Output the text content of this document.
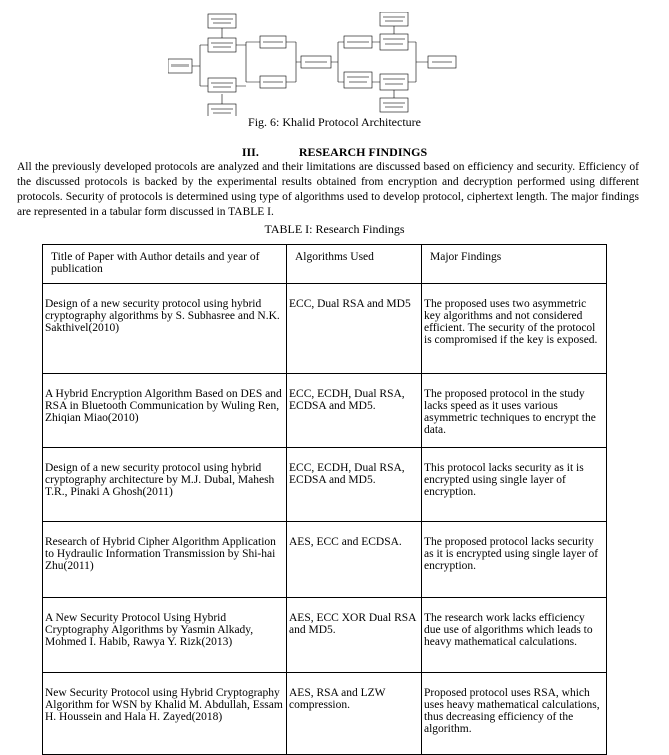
Fig. 6: Khalid Protocol Architecture
III.	RESEARCH FINDINGS

All the previously developed protocols are analyzed and their limitations are discussed based on efficiency and security. Efficiency of the discussed protocols is backed by the experimental results obtained from encryption and decryption performed using different protocols. Security of protocols is determined using type of algorithms used to develop protocol, ciphertext length. The major findings are represented in a tabular form discussed in TABLE I.

TABLE I: Research Findings
Title of Paper with Author details and year of publication	Algorithms Used	Major Findings

Design of a new security protocol using hybrid cryptography algorithms by S. Subhasree and N.K. Sakthivel(2010)	ECC, Dual RSA and MD5	The proposed uses two asymmetric key algorithms and not considered efficient. The security of the protocol is compromised if the key is exposed.

A Hybrid Encryption Algorithm Based on DES and RSA in Bluetooth Communication by Wuling Ren, Zhiqian Miao(2010)	ECC, ECDH, Dual RSA, ECDSA and MD5.	The proposed protocol in the study lacks speed as it uses various asymmetric techniques to encrypt the data.

Design of a new security protocol using hybrid cryptography architecture by M.J. Dubal, Mahesh T.R., Pinaki A Ghosh(2011)	ECC, ECDH, Dual RSA, ECDSA and MD5.	This protocol lacks security as it is encrypted using single layer of encryption.

Research of Hybrid Cipher Algorithm Application to Hydraulic Information Transmission by Shi-hai Zhu(2011)	AES, ECC and ECDSA.	The proposed protocol lacks security as it is encrypted using single layer of encryption.

A New Security Protocol Using Hybrid Cryptography Algorithms by Yasmin Alkady, Mohmed I. Habib, Rawya Y. Rizk(2013)	AES, ECC XOR Dual RSA and MD5.	The research work lacks efficiency due use of algorithms which leads to heavy mathematical calculations.

New Security Protocol using Hybrid Cryptography Algorithm for WSN by Khalid M. Abdullah, Essam H. Houssein and Hala H. Zayed(2018)	AES, RSA and LZW compression.	Proposed protocol uses RSA, which uses heavy mathematical calculations, thus decreasing efficiency of the algorithm.
